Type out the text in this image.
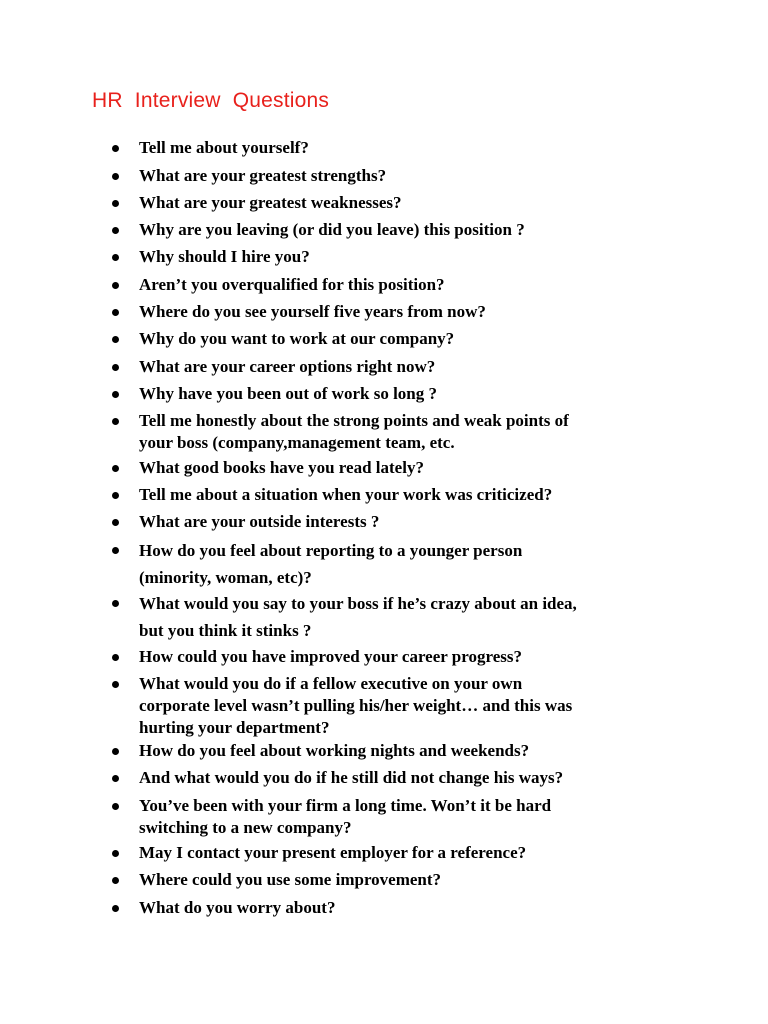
HR  Interview  Questions
Tell me about yourself?
What are your greatest strengths?
What are your greatest weaknesses?
Why are you leaving (or did you leave) this position ?
Why should I hire you?
Aren’t you overqualified for this position?
Where do you see yourself five years from now?
Why do you want to work at our company?
What are your career options right now?
Why have you been out of work so long ?
Tell me honestly about the strong points and weak points of
your boss (company,management team, etc.
What good books have you read lately?
Tell me about a situation when your work was criticized?
What are your outside interests ?
How do you feel about reporting to a younger person
(minority, woman, etc)?
What would you say to your boss if he’s crazy about an idea,
but you think it stinks ?
How could you have improved your career progress?
What would you do if a fellow executive on your own
corporate level wasn’t pulling his/her weight… and this was
hurting your department?
How do you feel about working nights and weekends?
And what would you do if he still did not change his ways?
You’ve been with your firm a long time. Won’t it be hard
switching to a new company?
May I contact your present employer for a reference?
Where could you use some improvement?
What do you worry about?
